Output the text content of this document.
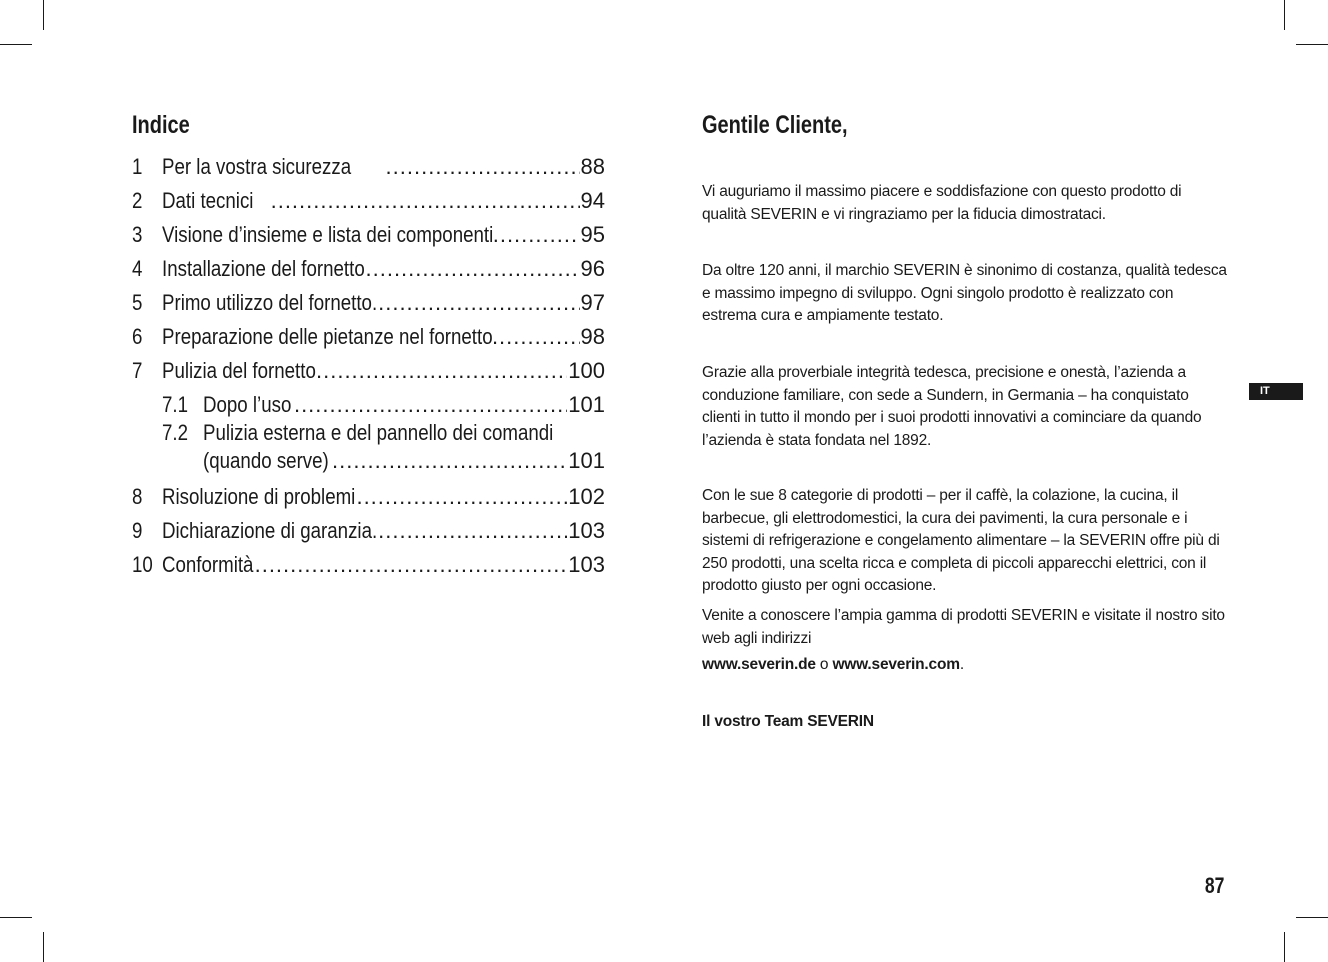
Indice
1 Per la vostra sicurezza .....	88
2 Dati tecnici .....	94
3 Visione d’insieme e lista dei componenti .....	95
4 Installazione del fornetto .....	96
5 Primo utilizzo del fornetto. .....	97
6 Preparazione delle pietanze nel fornetto .....	98
7 Pulizia del fornetto .....	100
7.1 Dopo l’uso .....	101
7.2 Pulizia esterna e del pannello dei comandi
(quando serve) .....	101
8 Risoluzione di problemi .....	102
9 Dichiarazione di garanzia. .....	103
10 Conformità .....	103
Gentile Cliente,

Vi auguriamo il massimo piacere e soddisfazione con questo prodotto di qualità SEVERIN e vi ringraziamo per la fiducia dimostrataci.

Da oltre 120 anni, il marchio SEVERIN è sinonimo di costanza, qualità tedesca e massimo impegno di sviluppo. Ogni singolo prodotto è realizzato con estrema cura e ampiamente testato.

Grazie alla proverbiale integrità tedesca, precisione e onestà, l’azienda a conduzione familiare, con sede a Sundern, in Germania – ha conquistato clienti in tutto il mondo per i suoi prodotti innovativi a cominciare da quando l’azienda è stata fondata nel 1892.

Con le sue 8 categorie di prodotti – per il caffè, la colazione, la cucina, il barbecue, gli elettrodomestici, la cura dei pavimenti, la cura personale e i sistemi di refrigerazione e congelamento alimentare – la SEVERIN offre più di 250 prodotti, una scelta ricca e completa di piccoli apparecchi elettrici, con il prodotto giusto per ogni occasione.

Venite a conoscere l’ampia gamma di prodotti SEVERIN e visitate il nostro sito web agli indirizzi

www.severin.de o www.severin.com.

Il vostro Team SEVERIN

IT
87
